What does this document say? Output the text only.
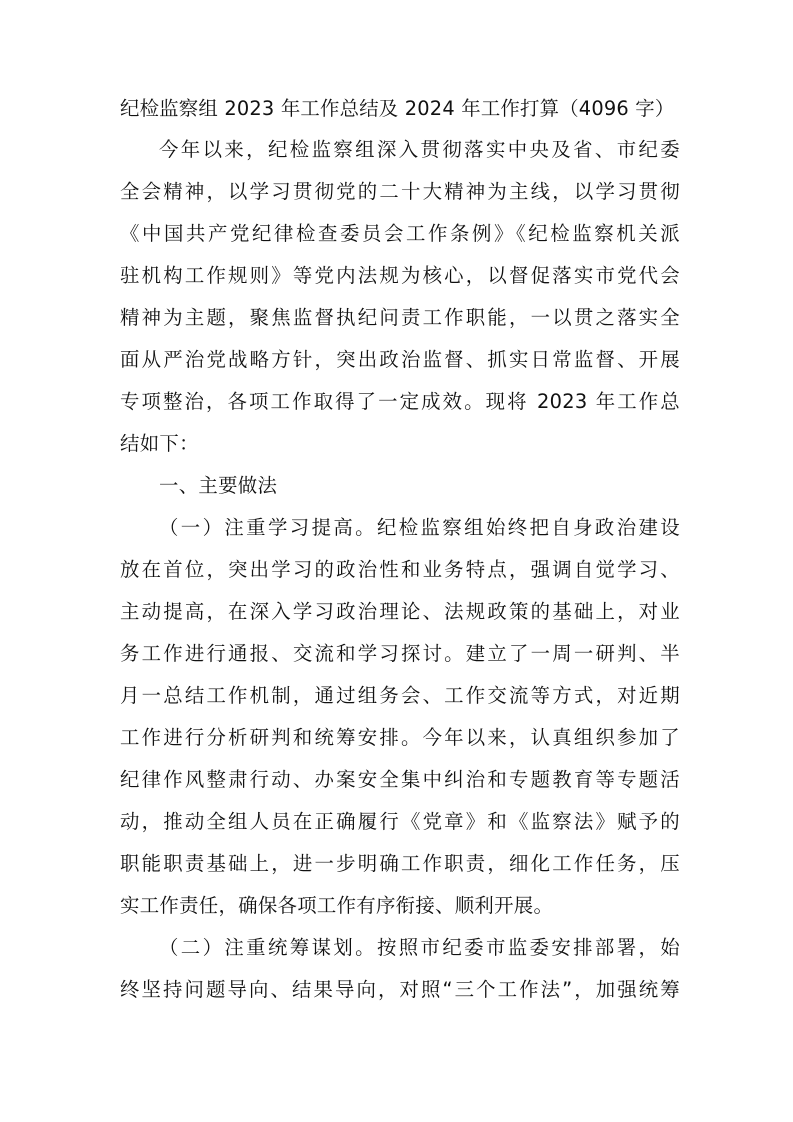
纪检监察组 2023 年工作总结及 2024 年工作打算（4096 字）

今年以来，纪检监察组深入贯彻落实中央及省、市纪委

全会精神，以学习贯彻党的二十大精神为主线，以学习贯彻

《中国共产党纪律检查委员会工作条例》《纪检监察机关派

驻机构工作规则》等党内法规为核心，以督促落实市党代会

精神为主题，聚焦监督执纪问责工作职能，一以贯之落实全

面从严治党战略方针，突出政治监督、抓实日常监督、开展

专项整治，各项工作取得了一定成效。现将 2023 年工作总

结如下：

一、主要做法

（一）注重学习提高。纪检监察组始终把自身政治建设

放在首位，突出学习的政治性和业务特点，强调自觉学习、

主动提高，在深入学习政治理论、法规政策的基础上，对业

务工作进行通报、交流和学习探讨。建立了一周一研判、半

月一总结工作机制，通过组务会、工作交流等方式，对近期

工作进行分析研判和统筹安排。今年以来，认真组织参加了

纪律作风整肃行动、办案安全集中纠治和专题教育等专题活

动，推动全组人员在正确履行《党章》和《监察法》赋予的

职能职责基础上，进一步明确工作职责，细化工作任务，压

实工作责任，确保各项工作有序衔接、顺利开展。

（二）注重统筹谋划。按照市纪委市监委安排部署，始

终坚持问题导向、结果导向，对照“三个工作法”，加强统筹
